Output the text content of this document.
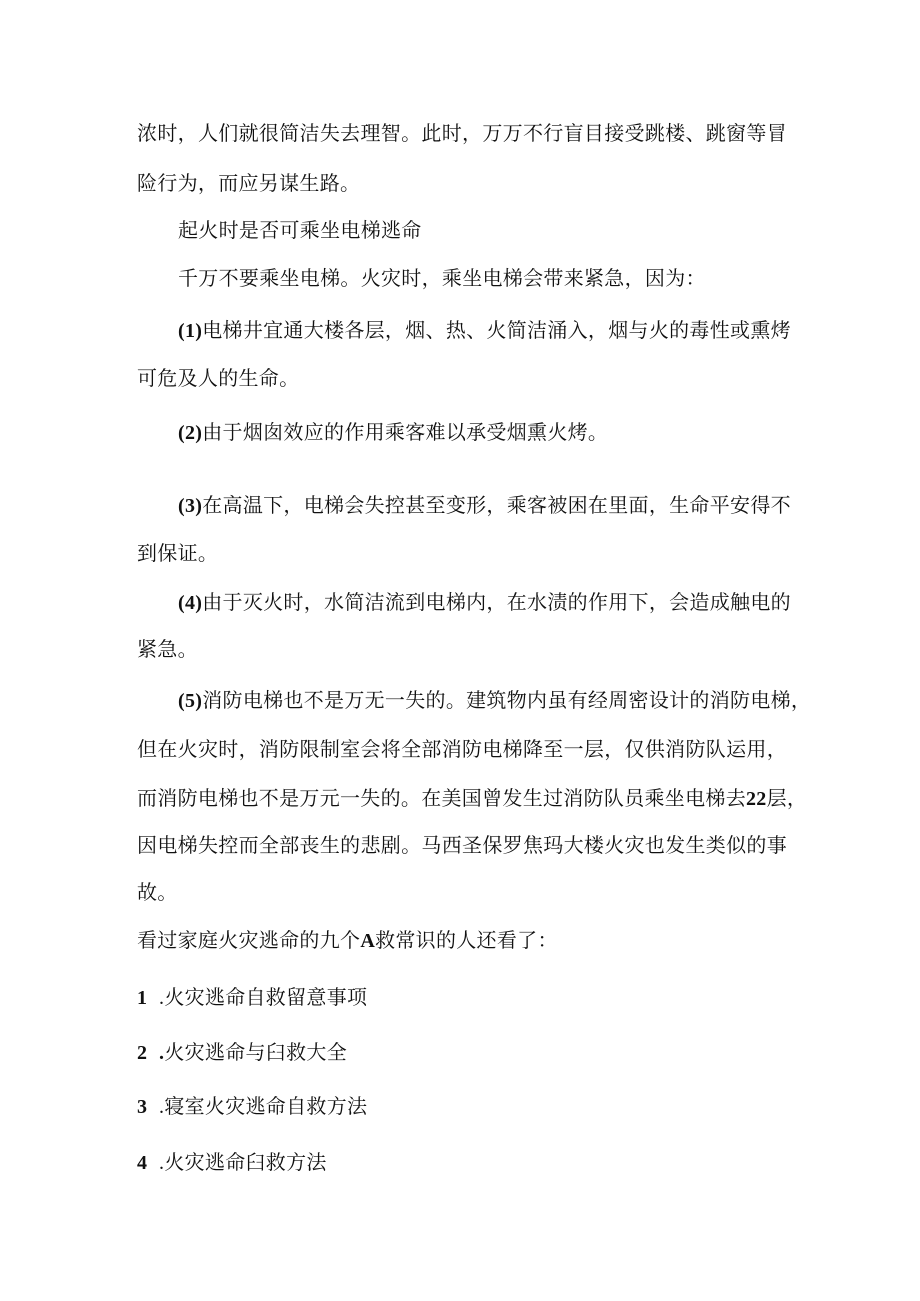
浓时，人们就很简洁失去理智。此时，万万不行盲目接受跳楼、跳窗等冒
险行为，而应另谋生路。
起火时是否可乘坐电梯逃命
千万不要乘坐电梯。火灾时，乘坐电梯会带来紧急，因为：
(1)电梯井宜通大楼各层，烟、热、火简洁涌入，烟与火的毒性或熏烤
可危及人的生命。
(2)由于烟囱效应的作用乘客难以承受烟熏火烤。
(3)在高温下，电梯会失控甚至变形，乘客被困在里面，生命平安得不
到保证。
(4)由于灭火时，水简洁流到电梯内，在水渍的作用下，会造成触电的
紧急。
(5)消防电梯也不是万无一失的。建筑物内虽有经周密设计的消防电梯，
但在火灾时，消防限制室会将全部消防电梯降至一层，仅供消防队运用，
而消防电梯也不是万元一失的。在美国曾发生过消防队员乘坐电梯去22层，
因电梯失控而全部丧生的悲剧。马西圣保罗焦玛大楼火灾也发生类似的事
故。
看过家庭火灾逃命的九个A救常识的人还看了：
1 .火灾逃命自救留意事项
2 .火灾逃命与臼救大全
3 .寝室火灾逃命自救方法
4 .火灾逃命臼救方法
